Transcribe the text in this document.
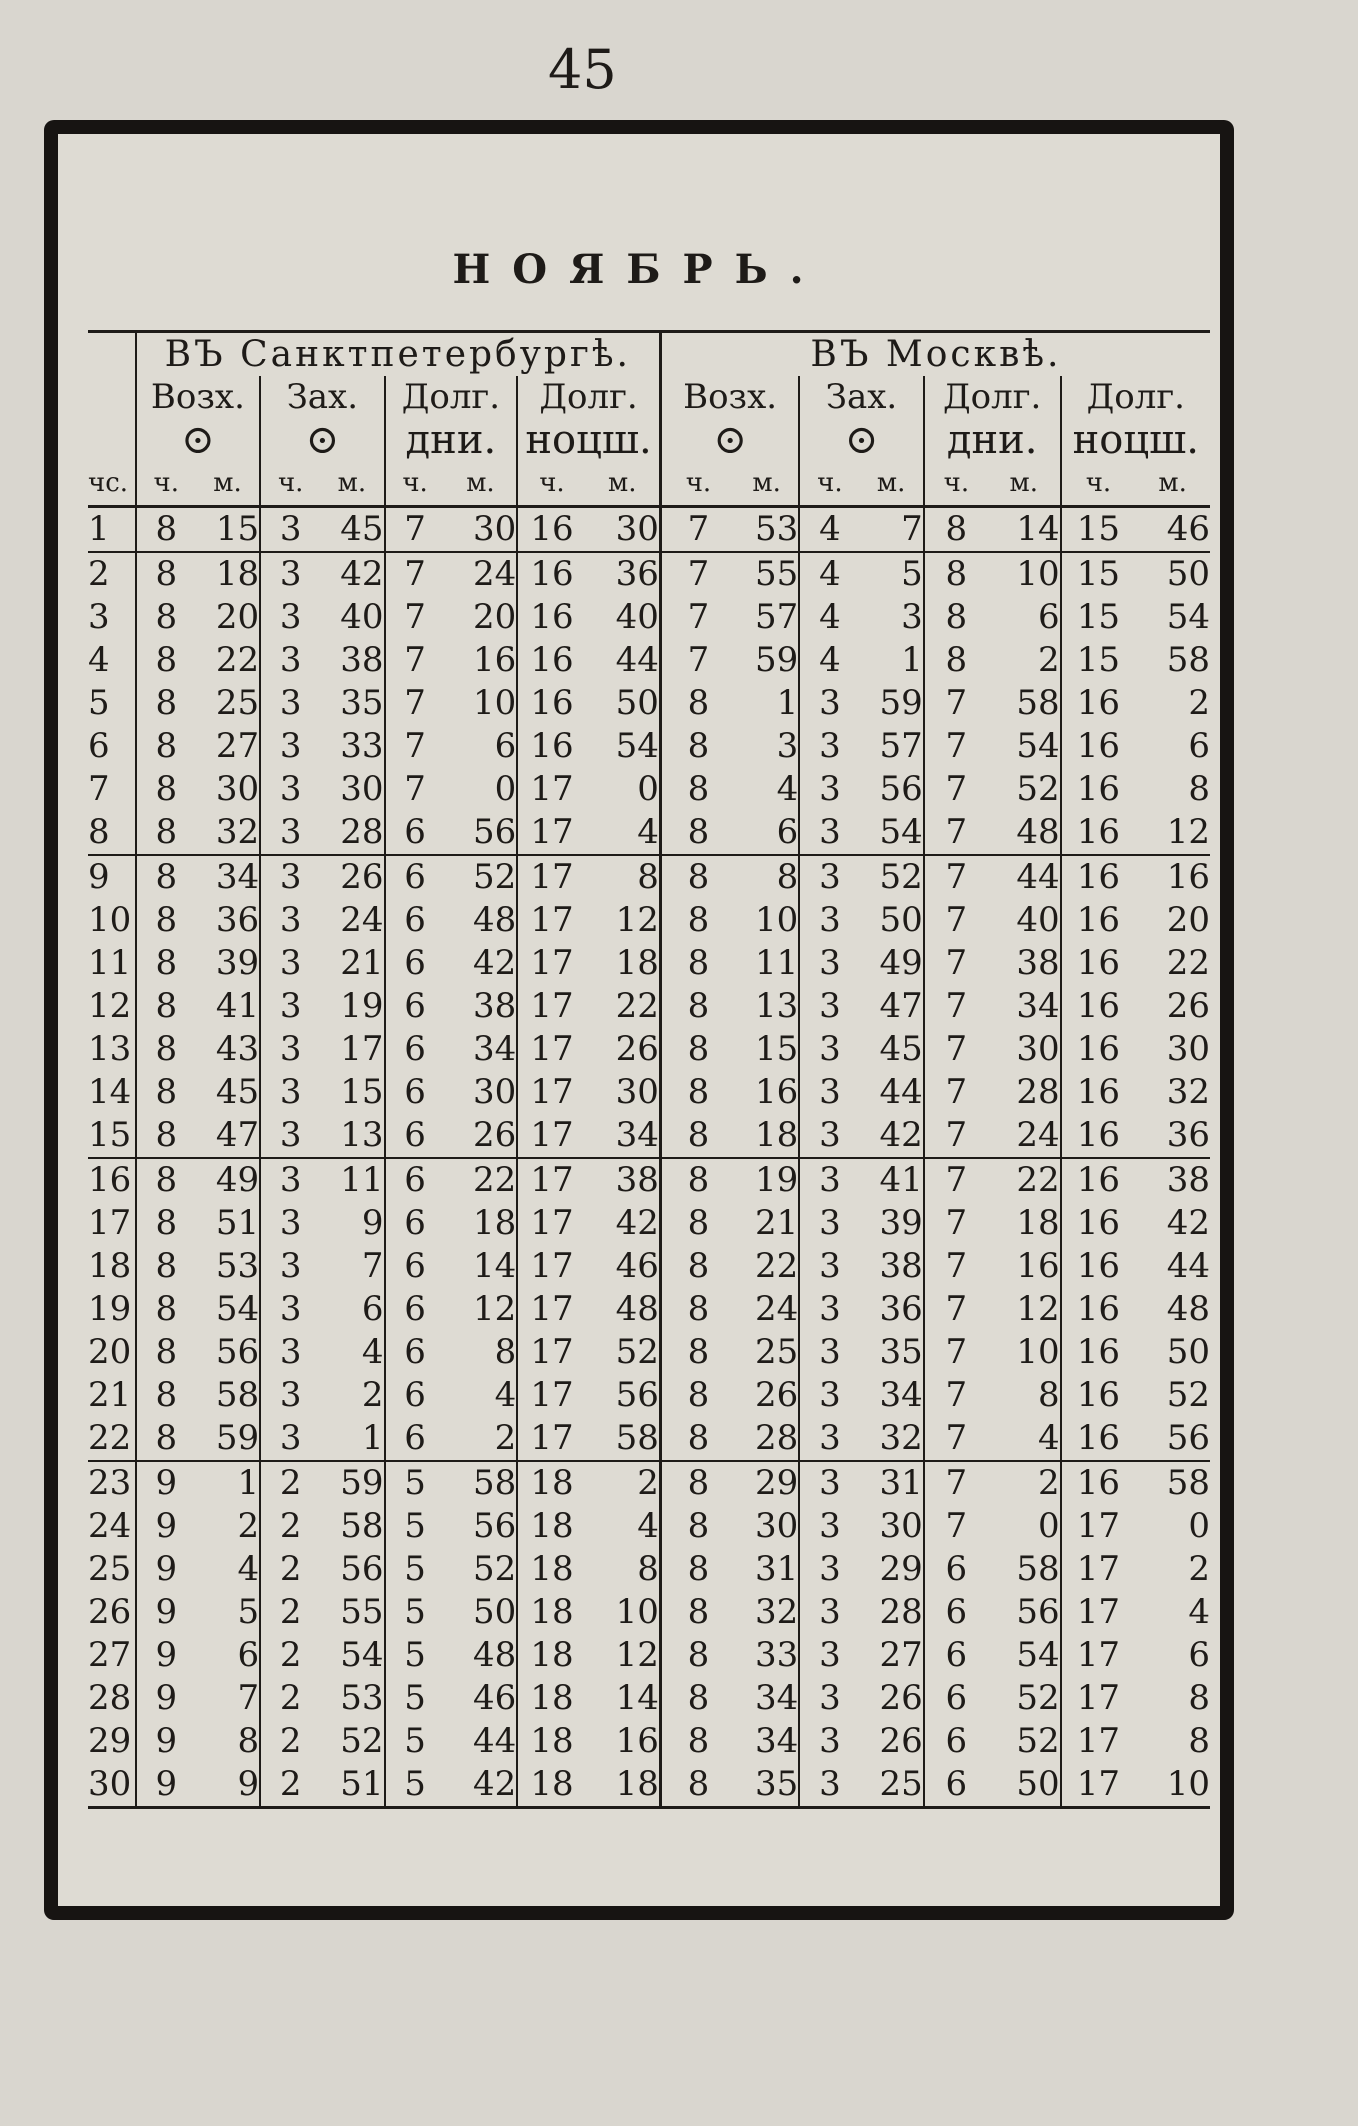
45
НОЯБРЬ.
	ВЪ Санктпетербургѣ.								ВЪ Москвѣ.							
	Возх.		Зах.		Долг.		Долг.		Возх.		Зах.		Долг.		Долг.	
	⊙		⊙		дни.		ноцш.		⊙		⊙		дни.		ноцш.	
чс.	ч.	м.	ч.	м.	ч.	м.	ч.	м.	ч.	м.	ч.	м.	ч.	м.	ч.	м.
1	8	15	3	45	7	30	16	30	7	53	4	7	8	14	15	46
2	8	18	3	42	7	24	16	36	7	55	4	5	8	10	15	50
3	8	20	3	40	7	20	16	40	7	57	4	3	8	6	15	54
4	8	22	3	38	7	16	16	44	7	59	4	1	8	2	15	58
5	8	25	3	35	7	10	16	50	8	1	3	59	7	58	16	2
6	8	27	3	33	7	6	16	54	8	3	3	57	7	54	16	6
7	8	30	3	30	7	0	17	0	8	4	3	56	7	52	16	8
8	8	32	3	28	6	56	17	4	8	6	3	54	7	48	16	12
9	8	34	3	26	6	52	17	8	8	8	3	52	7	44	16	16
10	8	36	3	24	6	48	17	12	8	10	3	50	7	40	16	20
11	8	39	3	21	6	42	17	18	8	11	3	49	7	38	16	22
12	8	41	3	19	6	38	17	22	8	13	3	47	7	34	16	26
13	8	43	3	17	6	34	17	26	8	15	3	45	7	30	16	30
14	8	45	3	15	6	30	17	30	8	16	3	44	7	28	16	32
15	8	47	3	13	6	26	17	34	8	18	3	42	7	24	16	36
16	8	49	3	11	6	22	17	38	8	19	3	41	7	22	16	38
17	8	51	3	9	6	18	17	42	8	21	3	39	7	18	16	42
18	8	53	3	7	6	14	17	46	8	22	3	38	7	16	16	44
19	8	54	3	6	6	12	17	48	8	24	3	36	7	12	16	48
20	8	56	3	4	6	8	17	52	8	25	3	35	7	10	16	50
21	8	58	3	2	6	4	17	56	8	26	3	34	7	8	16	52
22	8	59	3	1	6	2	17	58	8	28	3	32	7	4	16	56
23	9	1	2	59	5	58	18	2	8	29	3	31	7	2	16	58
24	9	2	2	58	5	56	18	4	8	30	3	30	7	0	17	0
25	9	4	2	56	5	52	18	8	8	31	3	29	6	58	17	2
26	9	5	2	55	5	50	18	10	8	32	3	28	6	56	17	4
27	9	6	2	54	5	48	18	12	8	33	3	27	6	54	17	6
28	9	7	2	53	5	46	18	14	8	34	3	26	6	52	17	8
29	9	8	2	52	5	44	18	16	8	34	3	26	6	52	17	8
30	9	9	2	51	5	42	18	18	8	35	3	25	6	50	17	10
